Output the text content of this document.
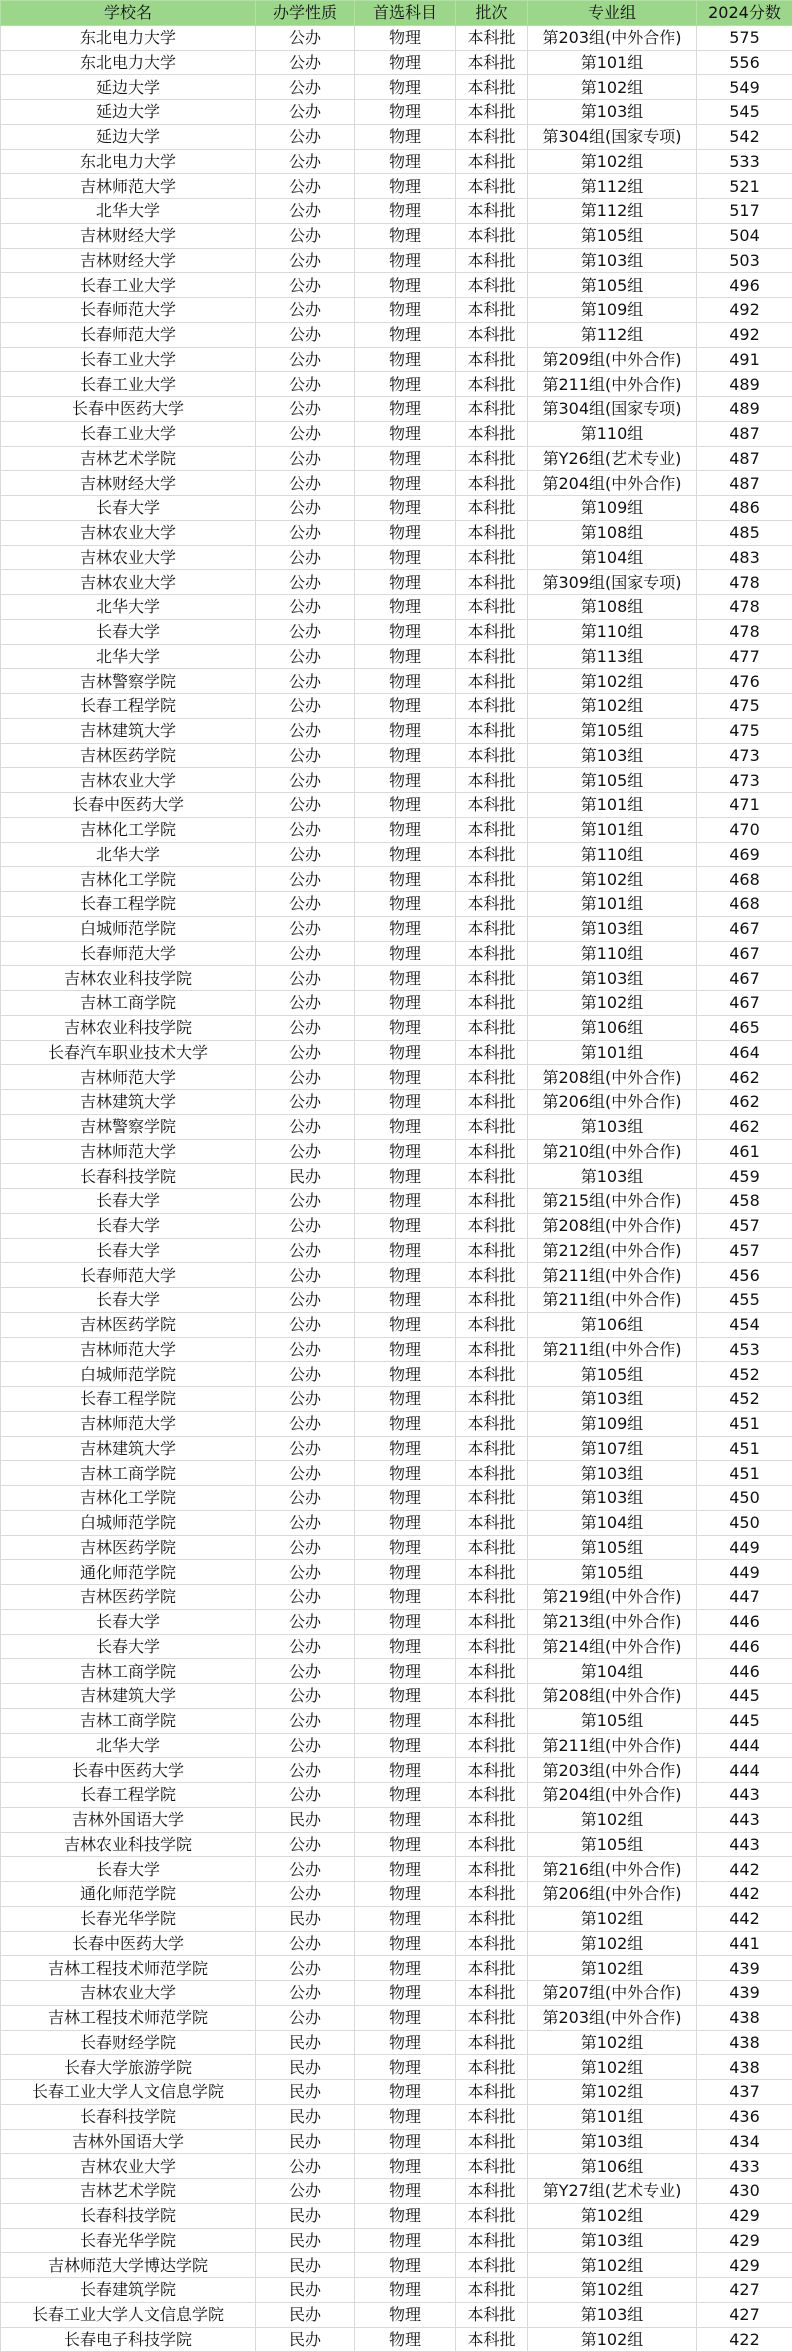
学校名	办学性质	首选科目	批次	专业组	2024分数
东北电力大学	公办	物理	本科批	第203组(中外合作)	575
东北电力大学	公办	物理	本科批	第101组	556
延边大学	公办	物理	本科批	第102组	549
延边大学	公办	物理	本科批	第103组	545
延边大学	公办	物理	本科批	第304组(国家专项)	542
东北电力大学	公办	物理	本科批	第102组	533
吉林师范大学	公办	物理	本科批	第112组	521
北华大学	公办	物理	本科批	第112组	517
吉林财经大学	公办	物理	本科批	第105组	504
吉林财经大学	公办	物理	本科批	第103组	503
长春工业大学	公办	物理	本科批	第105组	496
长春师范大学	公办	物理	本科批	第109组	492
长春师范大学	公办	物理	本科批	第112组	492
长春工业大学	公办	物理	本科批	第209组(中外合作)	491
长春工业大学	公办	物理	本科批	第211组(中外合作)	489
长春中医药大学	公办	物理	本科批	第304组(国家专项)	489
长春工业大学	公办	物理	本科批	第110组	487
吉林艺术学院	公办	物理	本科批	第Y26组(艺术专业)	487
吉林财经大学	公办	物理	本科批	第204组(中外合作)	487
长春大学	公办	物理	本科批	第109组	486
吉林农业大学	公办	物理	本科批	第108组	485
吉林农业大学	公办	物理	本科批	第104组	483
吉林农业大学	公办	物理	本科批	第309组(国家专项)	478
北华大学	公办	物理	本科批	第108组	478
长春大学	公办	物理	本科批	第110组	478
北华大学	公办	物理	本科批	第113组	477
吉林警察学院	公办	物理	本科批	第102组	476
长春工程学院	公办	物理	本科批	第102组	475
吉林建筑大学	公办	物理	本科批	第105组	475
吉林医药学院	公办	物理	本科批	第103组	473
吉林农业大学	公办	物理	本科批	第105组	473
长春中医药大学	公办	物理	本科批	第101组	471
吉林化工学院	公办	物理	本科批	第101组	470
北华大学	公办	物理	本科批	第110组	469
吉林化工学院	公办	物理	本科批	第102组	468
长春工程学院	公办	物理	本科批	第101组	468
白城师范学院	公办	物理	本科批	第103组	467
长春师范大学	公办	物理	本科批	第110组	467
吉林农业科技学院	公办	物理	本科批	第103组	467
吉林工商学院	公办	物理	本科批	第102组	467
吉林农业科技学院	公办	物理	本科批	第106组	465
长春汽车职业技术大学	公办	物理	本科批	第101组	464
吉林师范大学	公办	物理	本科批	第208组(中外合作)	462
吉林建筑大学	公办	物理	本科批	第206组(中外合作)	462
吉林警察学院	公办	物理	本科批	第103组	462
吉林师范大学	公办	物理	本科批	第210组(中外合作)	461
长春科技学院	民办	物理	本科批	第103组	459
长春大学	公办	物理	本科批	第215组(中外合作)	458
长春大学	公办	物理	本科批	第208组(中外合作)	457
长春大学	公办	物理	本科批	第212组(中外合作)	457
长春师范大学	公办	物理	本科批	第211组(中外合作)	456
长春大学	公办	物理	本科批	第211组(中外合作)	455
吉林医药学院	公办	物理	本科批	第106组	454
吉林师范大学	公办	物理	本科批	第211组(中外合作)	453
白城师范学院	公办	物理	本科批	第105组	452
长春工程学院	公办	物理	本科批	第103组	452
吉林师范大学	公办	物理	本科批	第109组	451
吉林建筑大学	公办	物理	本科批	第107组	451
吉林工商学院	公办	物理	本科批	第103组	451
吉林化工学院	公办	物理	本科批	第103组	450
白城师范学院	公办	物理	本科批	第104组	450
吉林医药学院	公办	物理	本科批	第105组	449
通化师范学院	公办	物理	本科批	第105组	449
吉林医药学院	公办	物理	本科批	第219组(中外合作)	447
长春大学	公办	物理	本科批	第213组(中外合作)	446
长春大学	公办	物理	本科批	第214组(中外合作)	446
吉林工商学院	公办	物理	本科批	第104组	446
吉林建筑大学	公办	物理	本科批	第208组(中外合作)	445
吉林工商学院	公办	物理	本科批	第105组	445
北华大学	公办	物理	本科批	第211组(中外合作)	444
长春中医药大学	公办	物理	本科批	第203组(中外合作)	444
长春工程学院	公办	物理	本科批	第204组(中外合作)	443
吉林外国语大学	民办	物理	本科批	第102组	443
吉林农业科技学院	公办	物理	本科批	第105组	443
长春大学	公办	物理	本科批	第216组(中外合作)	442
通化师范学院	公办	物理	本科批	第206组(中外合作)	442
长春光华学院	民办	物理	本科批	第102组	442
长春中医药大学	公办	物理	本科批	第102组	441
吉林工程技术师范学院	公办	物理	本科批	第102组	439
吉林农业大学	公办	物理	本科批	第207组(中外合作)	439
吉林工程技术师范学院	公办	物理	本科批	第203组(中外合作)	438
长春财经学院	民办	物理	本科批	第102组	438
长春大学旅游学院	民办	物理	本科批	第102组	438
长春工业大学人文信息学院	民办	物理	本科批	第102组	437
长春科技学院	民办	物理	本科批	第101组	436
吉林外国语大学	民办	物理	本科批	第103组	434
吉林农业大学	公办	物理	本科批	第106组	433
吉林艺术学院	公办	物理	本科批	第Y27组(艺术专业)	430
长春科技学院	民办	物理	本科批	第102组	429
长春光华学院	民办	物理	本科批	第103组	429
吉林师范大学博达学院	民办	物理	本科批	第102组	429
长春建筑学院	民办	物理	本科批	第102组	427
长春工业大学人文信息学院	民办	物理	本科批	第103组	427
长春电子科技学院	民办	物理	本科批	第102组	422
